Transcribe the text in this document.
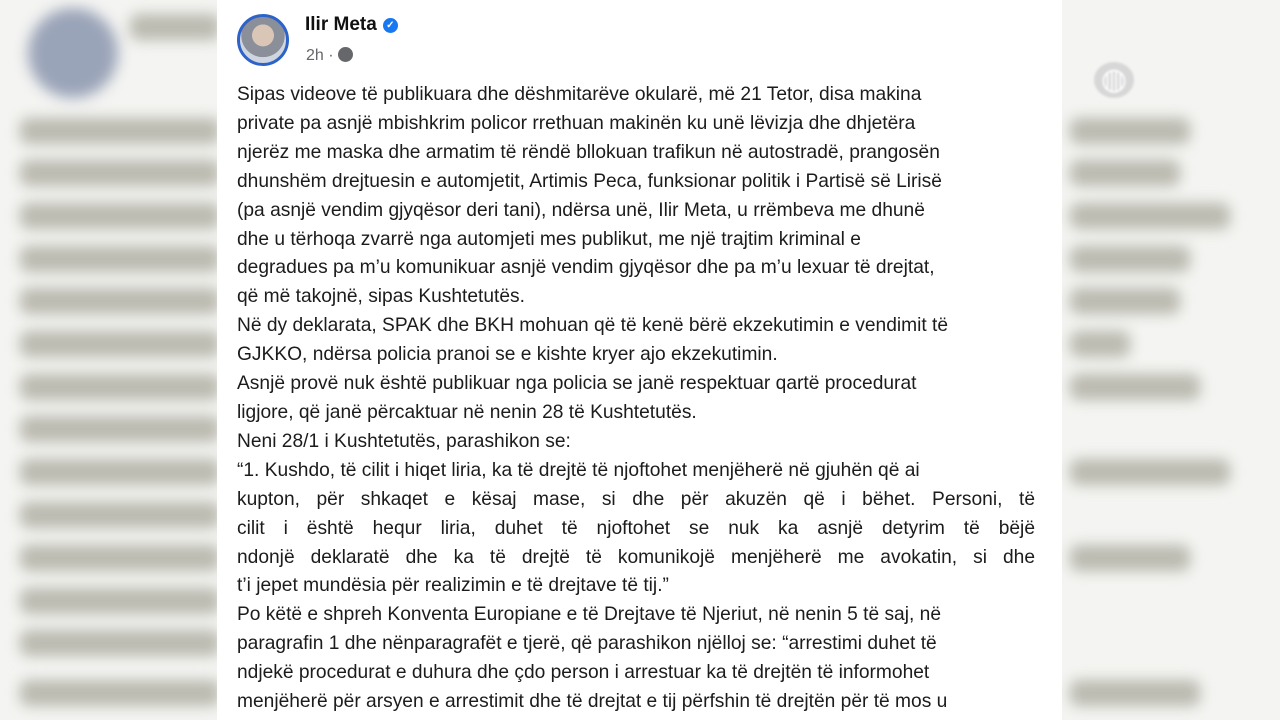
◍
Ilir Meta ✓
2h ·
Sipas videove të publikuara dhe dëshmitarëve okularë, më 21 Tetor, disa makina
private pa asnjë mbishkrim policor rrethuan makinën ku unë lëvizja dhe dhjetëra
njerëz me maska dhe armatim të rëndë bllokuan trafikun në autostradë, prangosën
dhunshëm drejtuesin e automjetit, Artimis Peca, funksionar politik i Partisë së Lirisë
(pa asnjë vendim gjyqësor deri tani), ndërsa unë, Ilir Meta, u rrëmbeva me dhunë
dhe u tërhoqa zvarrë nga automjeti mes publikut, me një trajtim kriminal e
degradues pa m’u komunikuar asnjë vendim gjyqësor dhe pa m’u lexuar të drejtat,
që më takojnë, sipas Kushtetutës.
Në dy deklarata, SPAK dhe BKH mohuan që të kenë bërë ekzekutimin e vendimit të
GJKKO, ndërsa policia pranoi se e kishte kryer ajo ekzekutimin.
Asnjë provë nuk është publikuar nga policia se janë respektuar qartë procedurat
ligjore, që janë përcaktuar në nenin 28 të Kushtetutës.
Neni 28/1 i Kushtetutës, parashikon se:
“1. Kushdo, të cilit i hiqet liria, ka të drejtë të njoftohet menjëherë në gjuhën që ai
kupton, për shkaqet e kësaj mase, si dhe për akuzën që i bëhet. Personi, të
cilit i është hequr liria, duhet të njoftohet se nuk ka asnjë detyrim të bëjë
ndonjë deklaratë dhe ka të drejtë të komunikojë menjëherë me avokatin, si dhe
t’i jepet mundësia për realizimin e të drejtave të tij.”
Po këtë e shpreh Konventa Europiane e të Drejtave të Njeriut, në nenin 5 të saj, në
paragrafin 1 dhe nënparagrafët e tjerë, që parashikon njëlloj se: “arrestimi duhet të
ndjekë procedurat e duhura dhe çdo person i arrestuar ka të drejtën të informohet
menjëherë për arsyen e arrestimit dhe të drejtat e tij përfshin të drejtën për të mos u
